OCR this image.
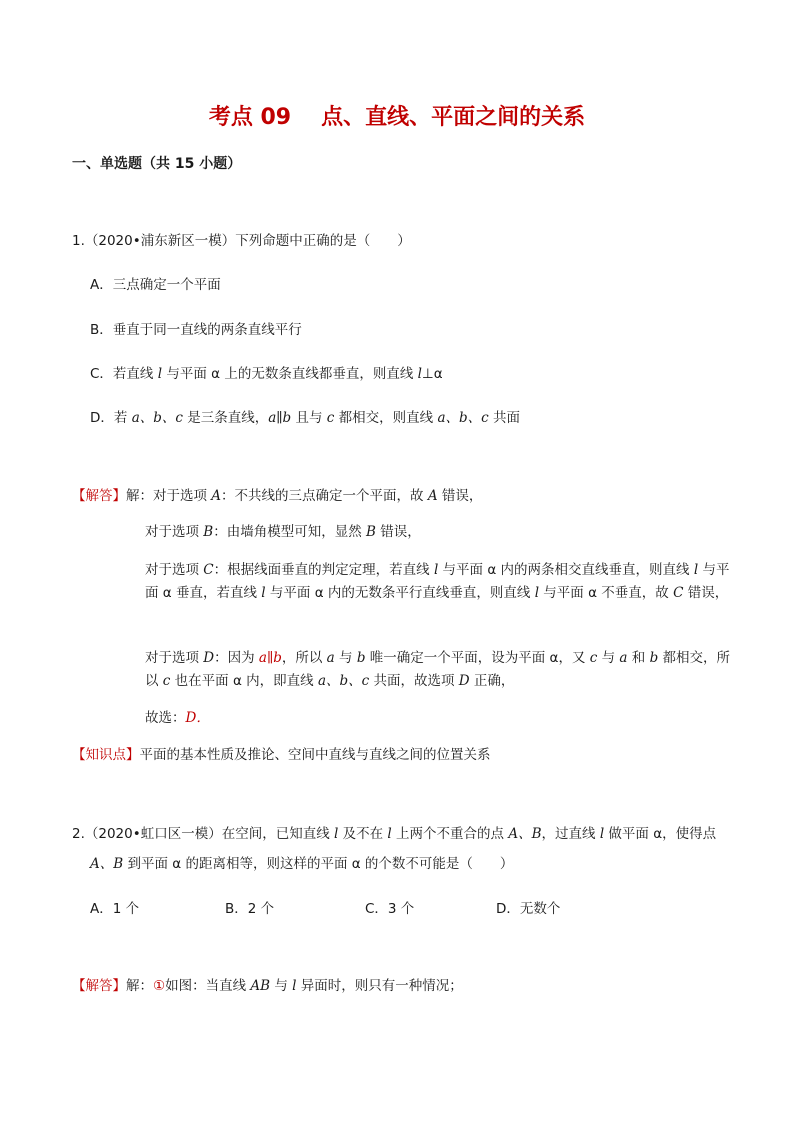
考点 09 点、直线、平面之间的关系
一、单选题（共 15 小题）
1.（2020•浦东新区一模）下列命题中正确的是（　　）
A．三点确定一个平面
B．垂直于同一直线的两条直线平行
C．若直线 l 与平面 α 上的无数条直线都垂直，则直线 l⊥α
D．若 a、b、c 是三条直线，a∥b 且与 c 都相交，则直线 a、b、c 共面
【解答】解：对于选项 A：不共线的三点确定一个平面，故 A 错误，
对于选项 B：由墙角模型可知，显然 B 错误，
对于选项 C：根据线面垂直的判定定理，若直线 l 与平面 α 内的两条相交直线垂直，则直线 l 与平面 α 垂直，若直线 l 与平面 α 内的无数条平行直线垂直，则直线 l 与平面 α 不垂直，故 C 错误，
对于选项 D：因为 a∥b，所以 a 与 b 唯一确定一个平面，设为平面 α，又 c 与 a 和 b 都相交，所以 c 也在平面 α 内，即直线 a、b、c 共面，故选项 D 正确，
故选：D．
【知识点】平面的基本性质及推论、空间中直线与直线之间的位置关系
2.（2020•虹口区一模）在空间，已知直线 l 及不在 l 上两个不重合的点 A、B，过直线 l 做平面 α，使得点
A、B 到平面 α 的距离相等，则这样的平面 α 的个数不可能是（　　）
A．1 个	B．2 个	C．3 个	D．无数个
【解答】解：①如图：当直线 AB 与 l 异面时，则只有一种情况；
